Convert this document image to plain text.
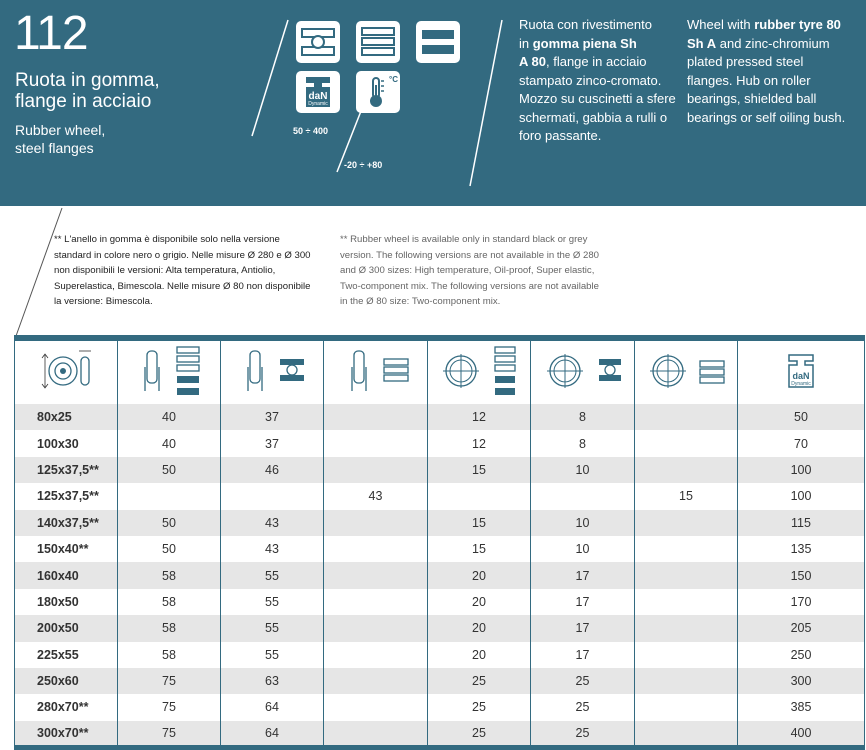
112
Ruota in gomma,
flange in acciaio
Rubber wheel,
steel flanges
daN
Dynamic
°C
50 ÷ 400
-20 ÷ +80
Ruota con rivestimento
in gomma piena Sh
A 80, flange in acciaio
stampato zinco-cromato.
Mozzo su cuscinetti a sfere
schermati, gabbia a rulli o
foro passante.
Wheel with rubber tyre 80
Sh A and zinc-chromium
plated pressed steel
flanges. Hub on roller
bearings, shielded ball
bearings or self oiling bush.
** L'anello in gomma è disponibile solo nella versione standard in colore nero o grigio. Nelle misure Ø 280 e Ø 300 non disponibili le versioni: Alta temperatura, Antiolio, Superelastica, Bimescola. Nelle misure Ø 80 non disponibile la versione: Bimescola.
** Rubber wheel is available only in standard black or grey version. The following versions are not available in the Ø 280 and Ø 300 sizes: High temperature, Oil-proof, Super elastic, Two-component mix. The following versions are not available in the Ø 80 size: Two-component mix.

daN
Dynamic

80x25	40	37		12	8		50
100x30	40	37		12	8		70
125x37,5**	50	46		15	10		100
125x37,5**			43			15	100
140x37,5**	50	43		15	10		115
150x40**	50	43		15	10		135
160x40	58	55		20	17		150
180x50	58	55		20	17		170
200x50	58	55		20	17		205
225x55	58	55		20	17		250
250x60	75	63		25	25		300
280x70**	75	64		25	25		385
300x70**	75	64		25	25		400
